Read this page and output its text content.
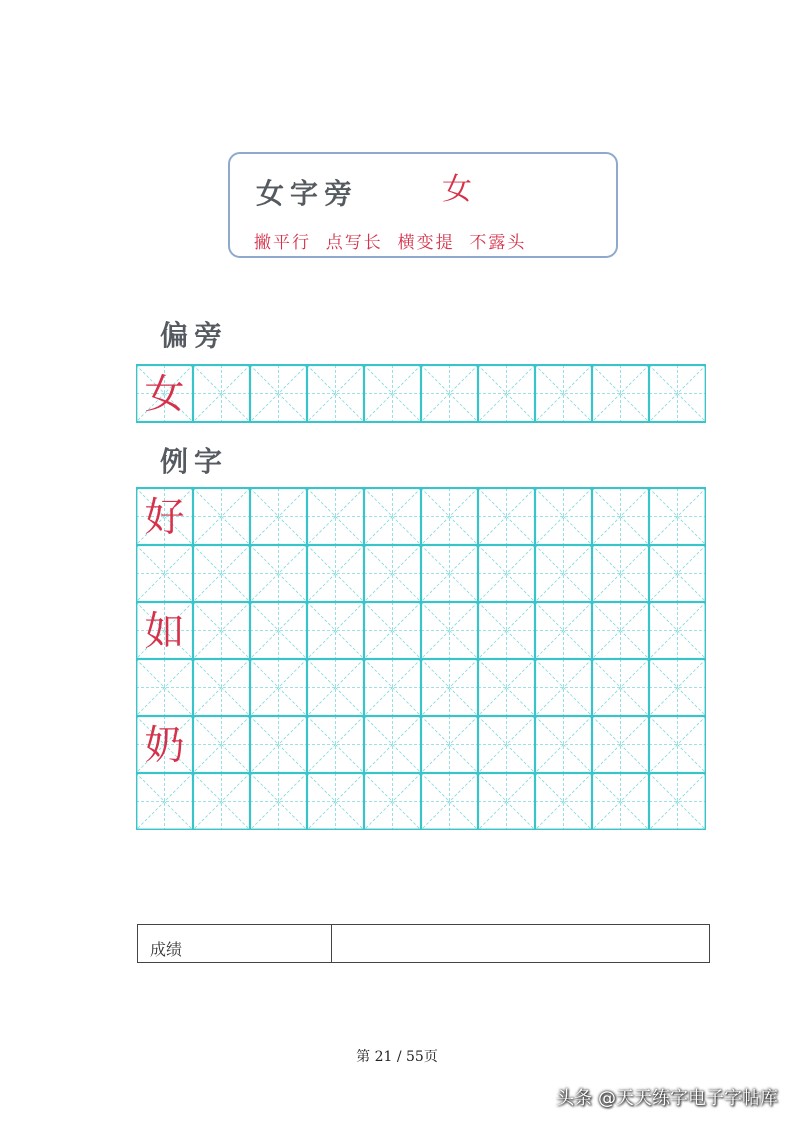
女字旁	女
撇平行  点写长  横变提  不露头
偏旁
女
例字
好
如
奶
成绩
第 21 / 55页
头条 @天天练字电子字帖库
